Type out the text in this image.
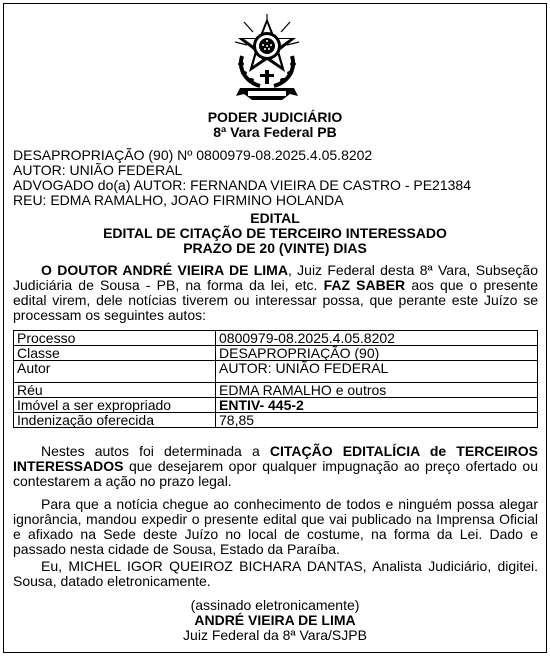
PODER JUDICIÁRIO
8ª Vara Federal PB
DESAPROPRIAÇÃO (90) Nº 0800979-08.2025.4.05.8202
AUTOR: UNIÃO FEDERAL
ADVOGADO do(a) AUTOR: FERNANDA VIEIRA DE CASTRO - PE21384
REU: EDMA RAMALHO, JOAO FIRMINO HOLANDA
EDITAL
EDITAL DE CITAÇÃO DE TERCEIRO INTERESSADO
PRAZO DE 20 (VINTE) DIAS
O DOUTOR ANDRÉ VIEIRA DE LIMA, Juiz Federal desta 8ª Vara, Subseção Judiciária de Sousa - PB, na forma da lei, etc. FAZ SABER aos que o presente edital virem, dele notícias tiverem ou interessar possa, que perante este Juízo se processam os seguintes autos:
Processo	0800979-08.2025.4.05.8202
Classe	DESAPROPRIAÇÃO (90)
Autor	AUTOR: UNIÃO FEDERAL
Réu	EDMA RAMALHO e outros
Imóvel a ser expropriado	ENTIV- 445-2
Indenização oferecida	78,85
Nestes autos foi determinada a CITAÇÃO EDITALÍCIA de TERCEIROS INTERESSADOS que desejarem opor qualquer impugnação ao preço ofertado ou contestarem a ação no prazo legal.
Para que a notícia chegue ao conhecimento de todos e ninguém possa alegar ignorância, mandou expedir o presente edital que vai publicado na Imprensa Oficial e afixado na Sede deste Juízo no local de costume, na forma da Lei. Dado e passado nesta cidade de Sousa, Estado da Paraíba.
Eu, MICHEL IGOR QUEIROZ BICHARA DANTAS, Analista Judiciário, digitei. Sousa, datado eletronicamente.
(assinado eletronicamente)
ANDRÉ VIEIRA DE LIMA
Juiz Federal da 8ª Vara/SJPB
